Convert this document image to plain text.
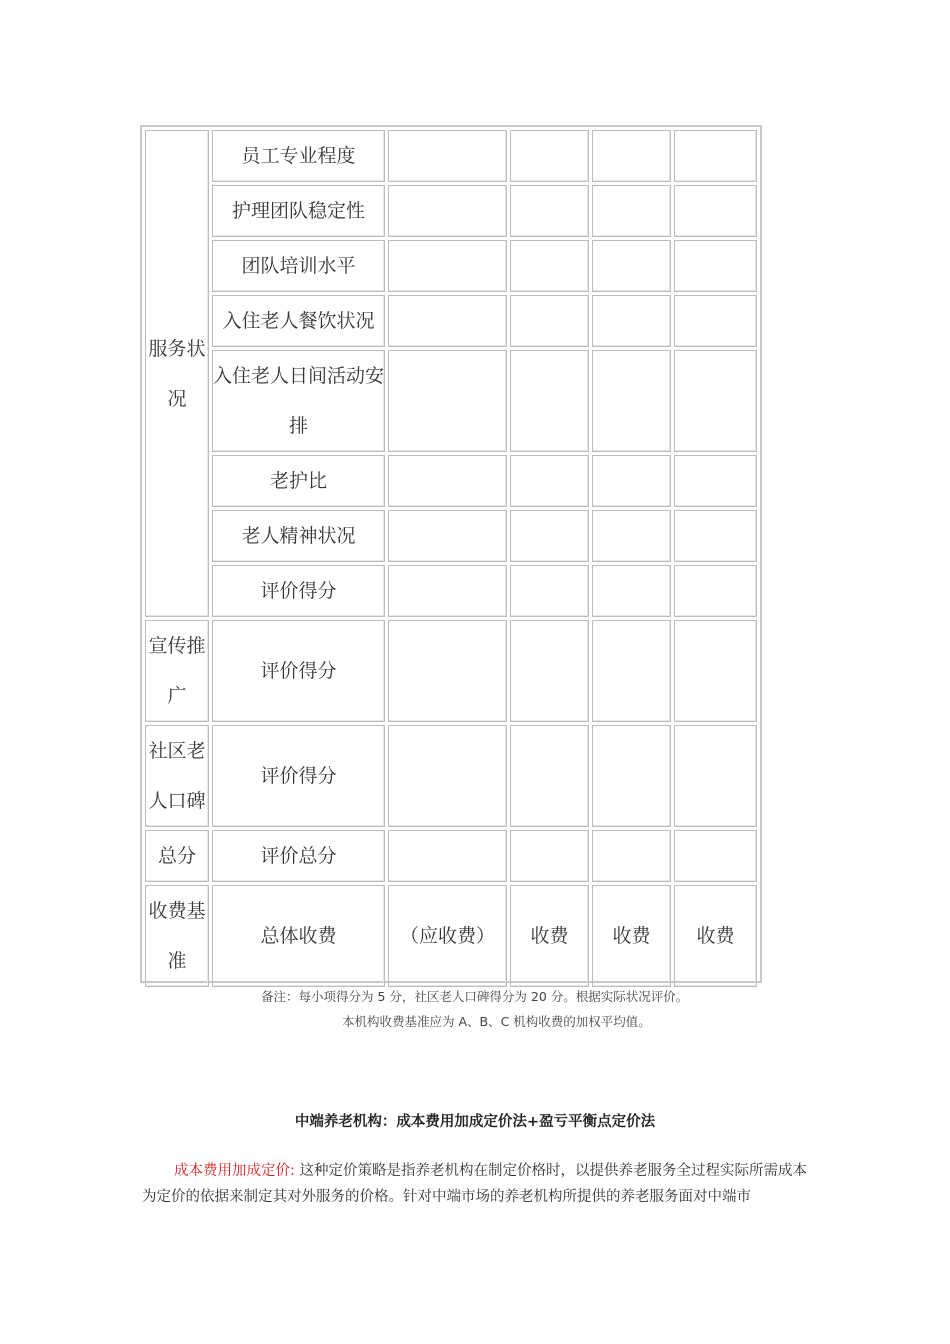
服务状况	员工专业程度				
	护理团队稳定性				
	团队培训水平				
	入住老人餐饮状况				
	入住老人日间活动安排				
	老护比				
	老人精神状况				
	评价得分				
宣传推广	评价得分				
社区老人口碑	评价得分				
总分	评价总分				
收费基准	总体收费	（应收费）	收费	收费	收费
备注：每小项得分为 5 分，社区老人口碑得分为 20 分。根据实际状况评价。
本机构收费基准应为 A、B、C 机构收费的加权平均值。
中端养老机构：成本费用加成定价法+盈亏平衡点定价法

成本费用加成定价: 这种定价策略是指养老机构在制定价格时，以提供养老服务全过程实际所需成本为定价的依据来制定其对外服务的价格。针对中端市场的养老机构所提供的养老服务面对中端市
